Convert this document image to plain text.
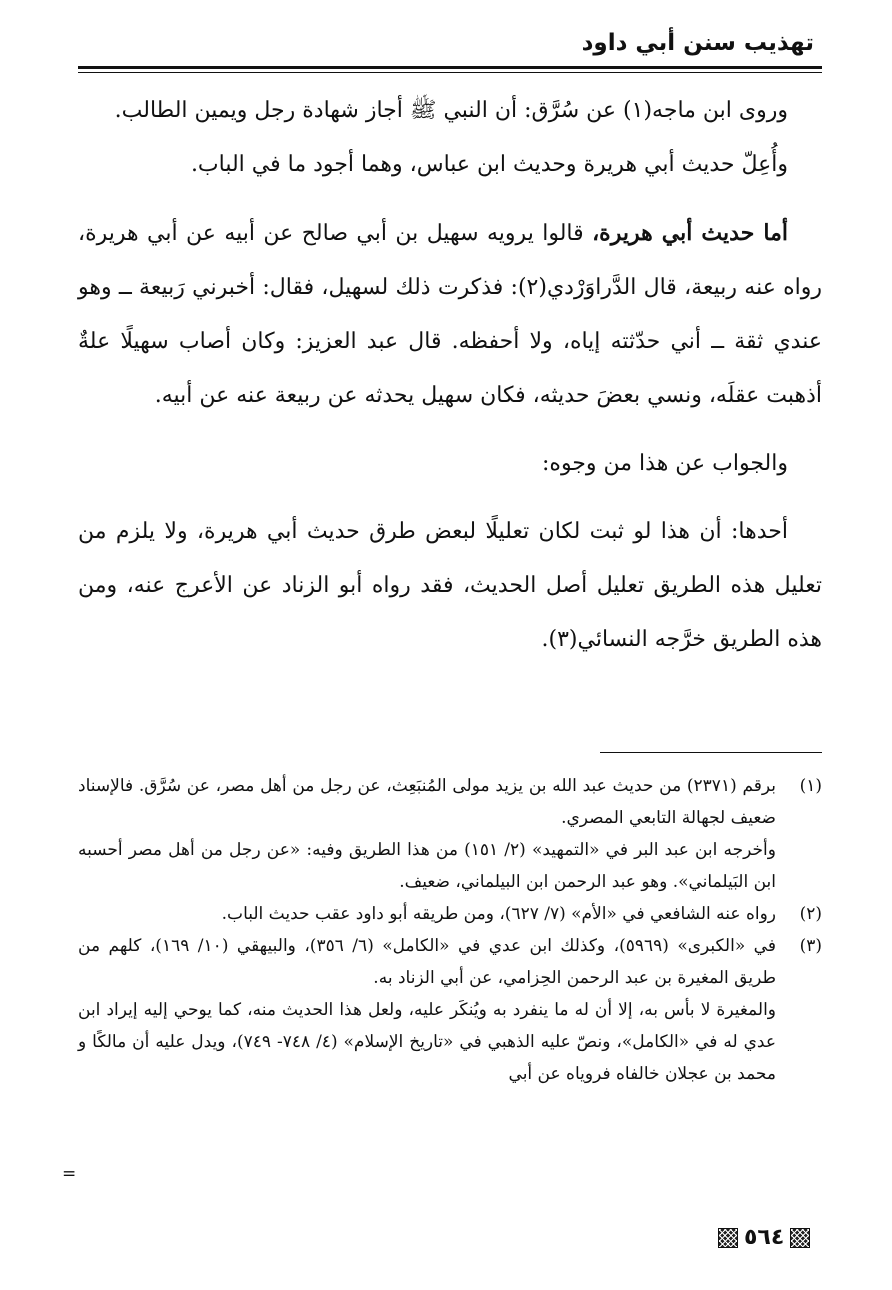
تهذيب سنن أبي داود

وروى ابن ماجه(١) عن سُرَّق: أن النبي ﷺ أجاز شهادة رجل ويمين الطالب.

وأُعِلّ حديث أبي هريرة وحديث ابن عباس، وهما أجود ما في الباب.

أما حديث أبي هريرة، قالوا يرويه سهيل بن أبي صالح عن أبيه عن أبي هريرة، رواه عنه ربيعة، قال الدَّراوَرْدي(٢): فذكرت ذلك لسهيل، فقال: أخبرني رَبيعة ــ وهو عندي ثقة ــ أني حدّثته إياه، ولا أحفظه. قال عبد العزيز: وكان أصاب سهيلًا علةٌ أذهبت عقلَه، ونسي بعضَ حديثه، فكان سهيل يحدثه عن ربيعة عنه عن أبيه.

والجواب عن هذا من وجوه:

أحدها: أن هذا لو ثبت لكان تعليلًا لبعض طرق حديث أبي هريرة، ولا يلزم من تعليل هذه الطريق تعليل أصل الحديث، فقد رواه أبو الزناد عن الأعرج عنه، ومن هذه الطريق خرَّجه النسائي(٣).

(١)

برقم (٢٣٧١) من حديث عبد الله بن يزيد مولى المُنبَعِث، عن رجل من أهل مصر، عن سُرَّق. فالإسناد ضعيف لجهالة التابعي المصري.

وأخرجه ابن عبد البر في «التمهيد» (٢/ ١٥١) من هذا الطريق وفيه: «عن رجل من أهل مصر أحسبه ابن البَيلماني». وهو عبد الرحمن ابن البيلماني، ضعيف.

(٢)

رواه عنه الشافعي في «الأم» (٧/ ٦٢٧)، ومن طريقه أبو داود عقب حديث الباب.

(٣)

في «الكبرى» (٥٩٦٩)، وكذلك ابن عدي في «الكامل» (٦/ ٣٥٦)، والبيهقي (١٠/ ١٦٩)، كلهم من طريق المغيرة بن عبد الرحمن الحِزامي، عن أبي الزناد به.

والمغيرة لا بأس به، إلا أن له ما ينفرد به ويُنكَر عليه، ولعل هذا الحديث منه، كما يوحي إليه إيراد ابن عدي له في «الكامل»، ونصّ عليه الذهبي في «تاريخ الإسلام» (٤/ ٧٤٨- ٧٤٩)، ويدل عليه أن مالكًا و محمد بن عجلان خالفاه فروياه عن أبي

=
٥٦٤
